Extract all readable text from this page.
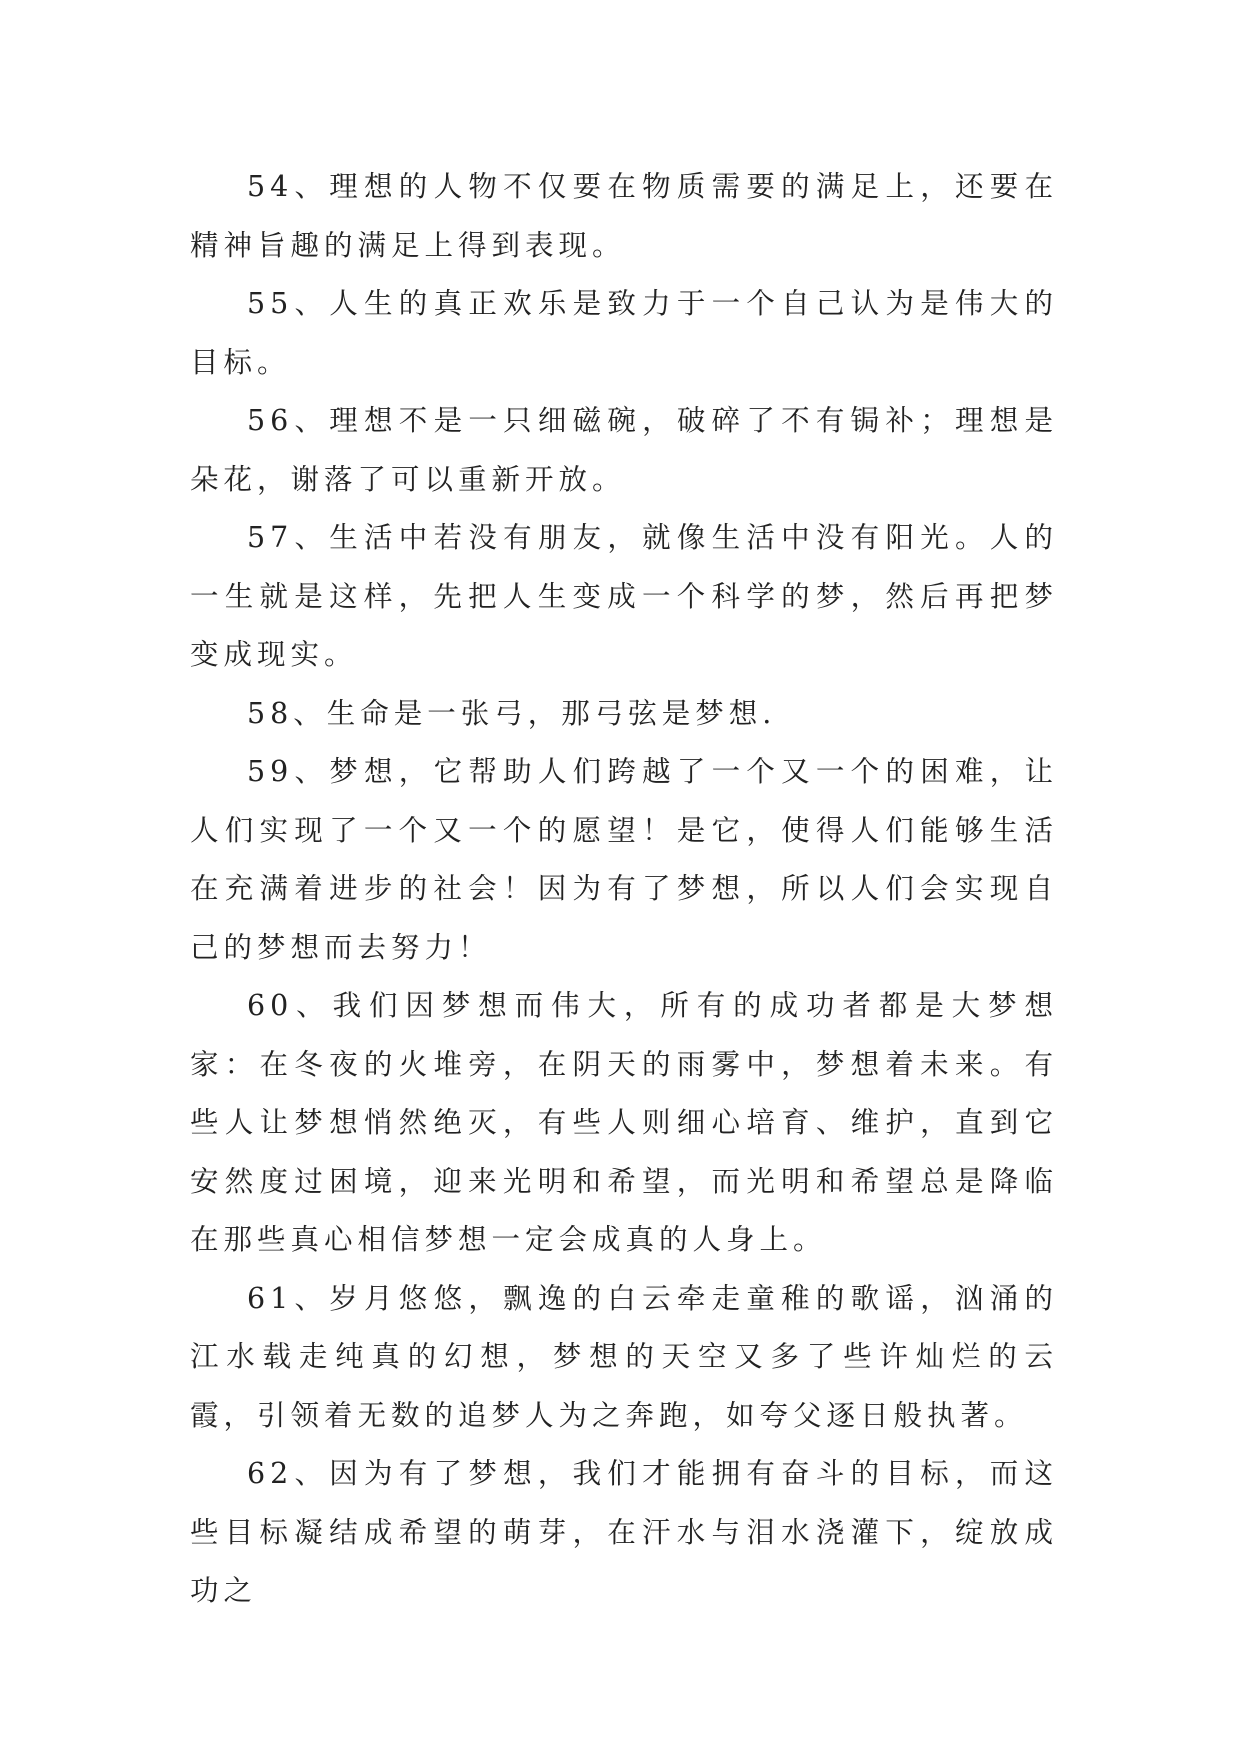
54、理想的人物不仅要在物质需要的满足上，还要在精神旨趣的满足上得到表现。

55、人生的真正欢乐是致力于一个自己认为是伟大的目标。

56、理想不是一只细磁碗，破碎了不有锔补；理想是朵花，谢落了可以重新开放。

57、生活中若没有朋友，就像生活中没有阳光。人的一生就是这样，先把人生变成一个科学的梦，然后再把梦变成现实。

58、生命是一张弓，那弓弦是梦想.

59、梦想，它帮助人们跨越了一个又一个的困难，让人们实现了一个又一个的愿望！是它，使得人们能够生活在充满着进步的社会！因为有了梦想，所以人们会实现自己的梦想而去努力！

60、我们因梦想而伟大，所有的成功者都是大梦想家：在冬夜的火堆旁，在阴天的雨雾中，梦想着未来。有些人让梦想悄然绝灭，有些人则细心培育、维护，直到它安然度过困境，迎来光明和希望，而光明和希望总是降临在那些真心相信梦想一定会成真的人身上。

61、岁月悠悠，飘逸的白云牵走童稚的歌谣，汹涌的江水载走纯真的幻想，梦想的天空又多了些许灿烂的云霞，引领着无数的追梦人为之奔跑，如夸父逐日般执著。

62、因为有了梦想，我们才能拥有奋斗的目标，而这些目标凝结成希望的萌芽，在汗水与泪水浇灌下，绽放成功之
